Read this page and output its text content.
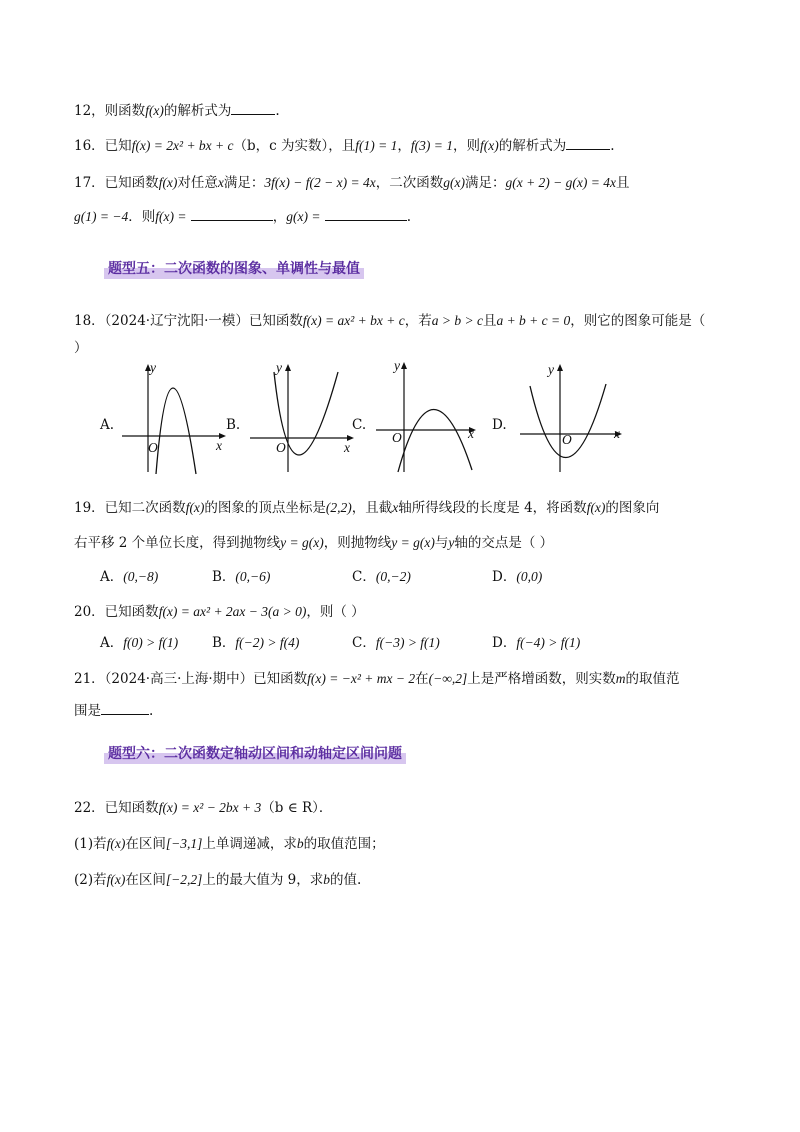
12，则函数f(x)的解析式为	.
16．已知f(x) = 2x² + bx + c（b，c 为实数），且f(1) = 1，f(3) = 1，则f(x)的解析式为	.
17．已知函数f(x)对任意x满足：3f(x) − f(2 − x) = 4x，二次函数g(x)满足：g(x + 2) − g(x) = 4x且
g(1) = −4．则f(x) =	，g(x) =	.
题型五：二次函数的图象、单调性与最值
18．（2024·辽宁沈阳·一模）已知函数f(x) = ax² + bx + c，若a > b > c且a + b + c = 0，则它的图象可能是（
）
A.
y
x
O
B.
y
x
O
C.
y
x
O
D.
y
x
O
19．已知二次函数f(x)的图象的顶点坐标是(2,2)，且截x轴所得线段的长度是 4，将函数f(x)的图象向
右平移 2 个单位长度，得到抛物线y = g(x)，则抛物线y = g(x)与y轴的交点是（ ）
A．(0,−8)	B．(0,−6)	C．(0,−2)	D．(0,0)
20．已知函数f(x) = ax² + 2ax − 3(a > 0)，则（ ）
A．f(0) > f(1)	B．f(−2) > f(4)	C．f(−3) > f(1)	D．f(−4) > f(1)
21．（2024·高三·上海·期中）已知函数f(x) = −x² + mx − 2在(−∞,2]上是严格增函数，则实数m的取值范
围是	.
题型六：二次函数定轴动区间和动轴定区间问题
22．已知函数f(x) = x² − 2bx + 3（b ∈ R）．
(1)若f(x)在区间[−3,1]上单调递减，求b的取值范围；
(2)若f(x)在区间[−2,2]上的最大值为 9，求b的值.
